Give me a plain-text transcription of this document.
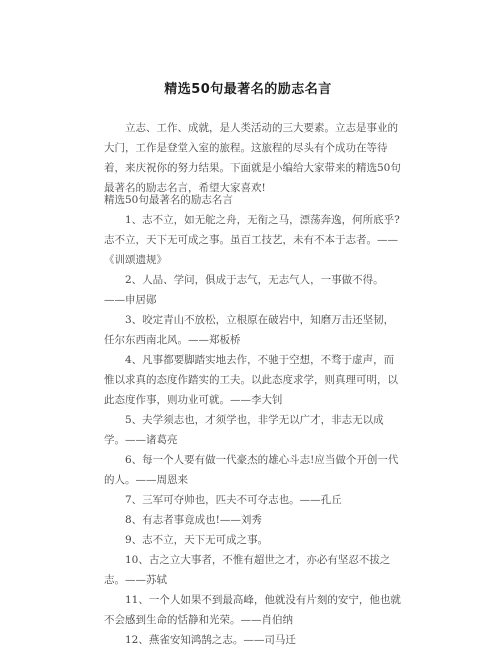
精选50句最著名的励志名言

立志、工作、成就，是人类活动的三大要素。立志是事业的大门，工作是登堂入室的旅程。这旅程的尽头有个成功在等待着，来庆祝你的努力结果。下面就是小编给大家带来的精选50句最著名的励志名言，希望大家喜欢!

精选50句最著名的励志名言

1、志不立，如无舵之舟，无衔之马，漂荡奔逸，何所底乎?志不立，天下无可成之事。虽百工技艺，未有不本于志者。——《训颂遗规》

2、人品、学问，俱成于志气，无志气人，一事做不得。——申居郧

3、咬定青山不放松，立根原在破岩中，知磨万击还坚韧，任尔东西南北风。——郑板桥

4、凡事都要脚踏实地去作，不驰于空想，不骛于虚声，而惟以求真的态度作踏实的工夫。以此态度求学，则真理可明，以此态度作事，则功业可就。——李大钊

5、夫学须志也，才须学也，非学无以广才，非志无以成学。——诸葛亮

6、每一个人要有做一代豪杰的雄心斗志!应当做个开创一代的人。——周恩来

7、三军可夺帅也，匹夫不可夺志也。——孔丘

8、有志者事竟成也!——刘秀

9、志不立，天下无可成之事。

10、古之立大事者，不惟有超世之才，亦必有坚忍不拔之志。——苏轼

11、一个人如果不到最高峰，他就没有片刻的安宁，他也就不会感到生命的恬静和光荣。——肖伯纳

12、燕雀安知鸿鹄之志。——司马迁
